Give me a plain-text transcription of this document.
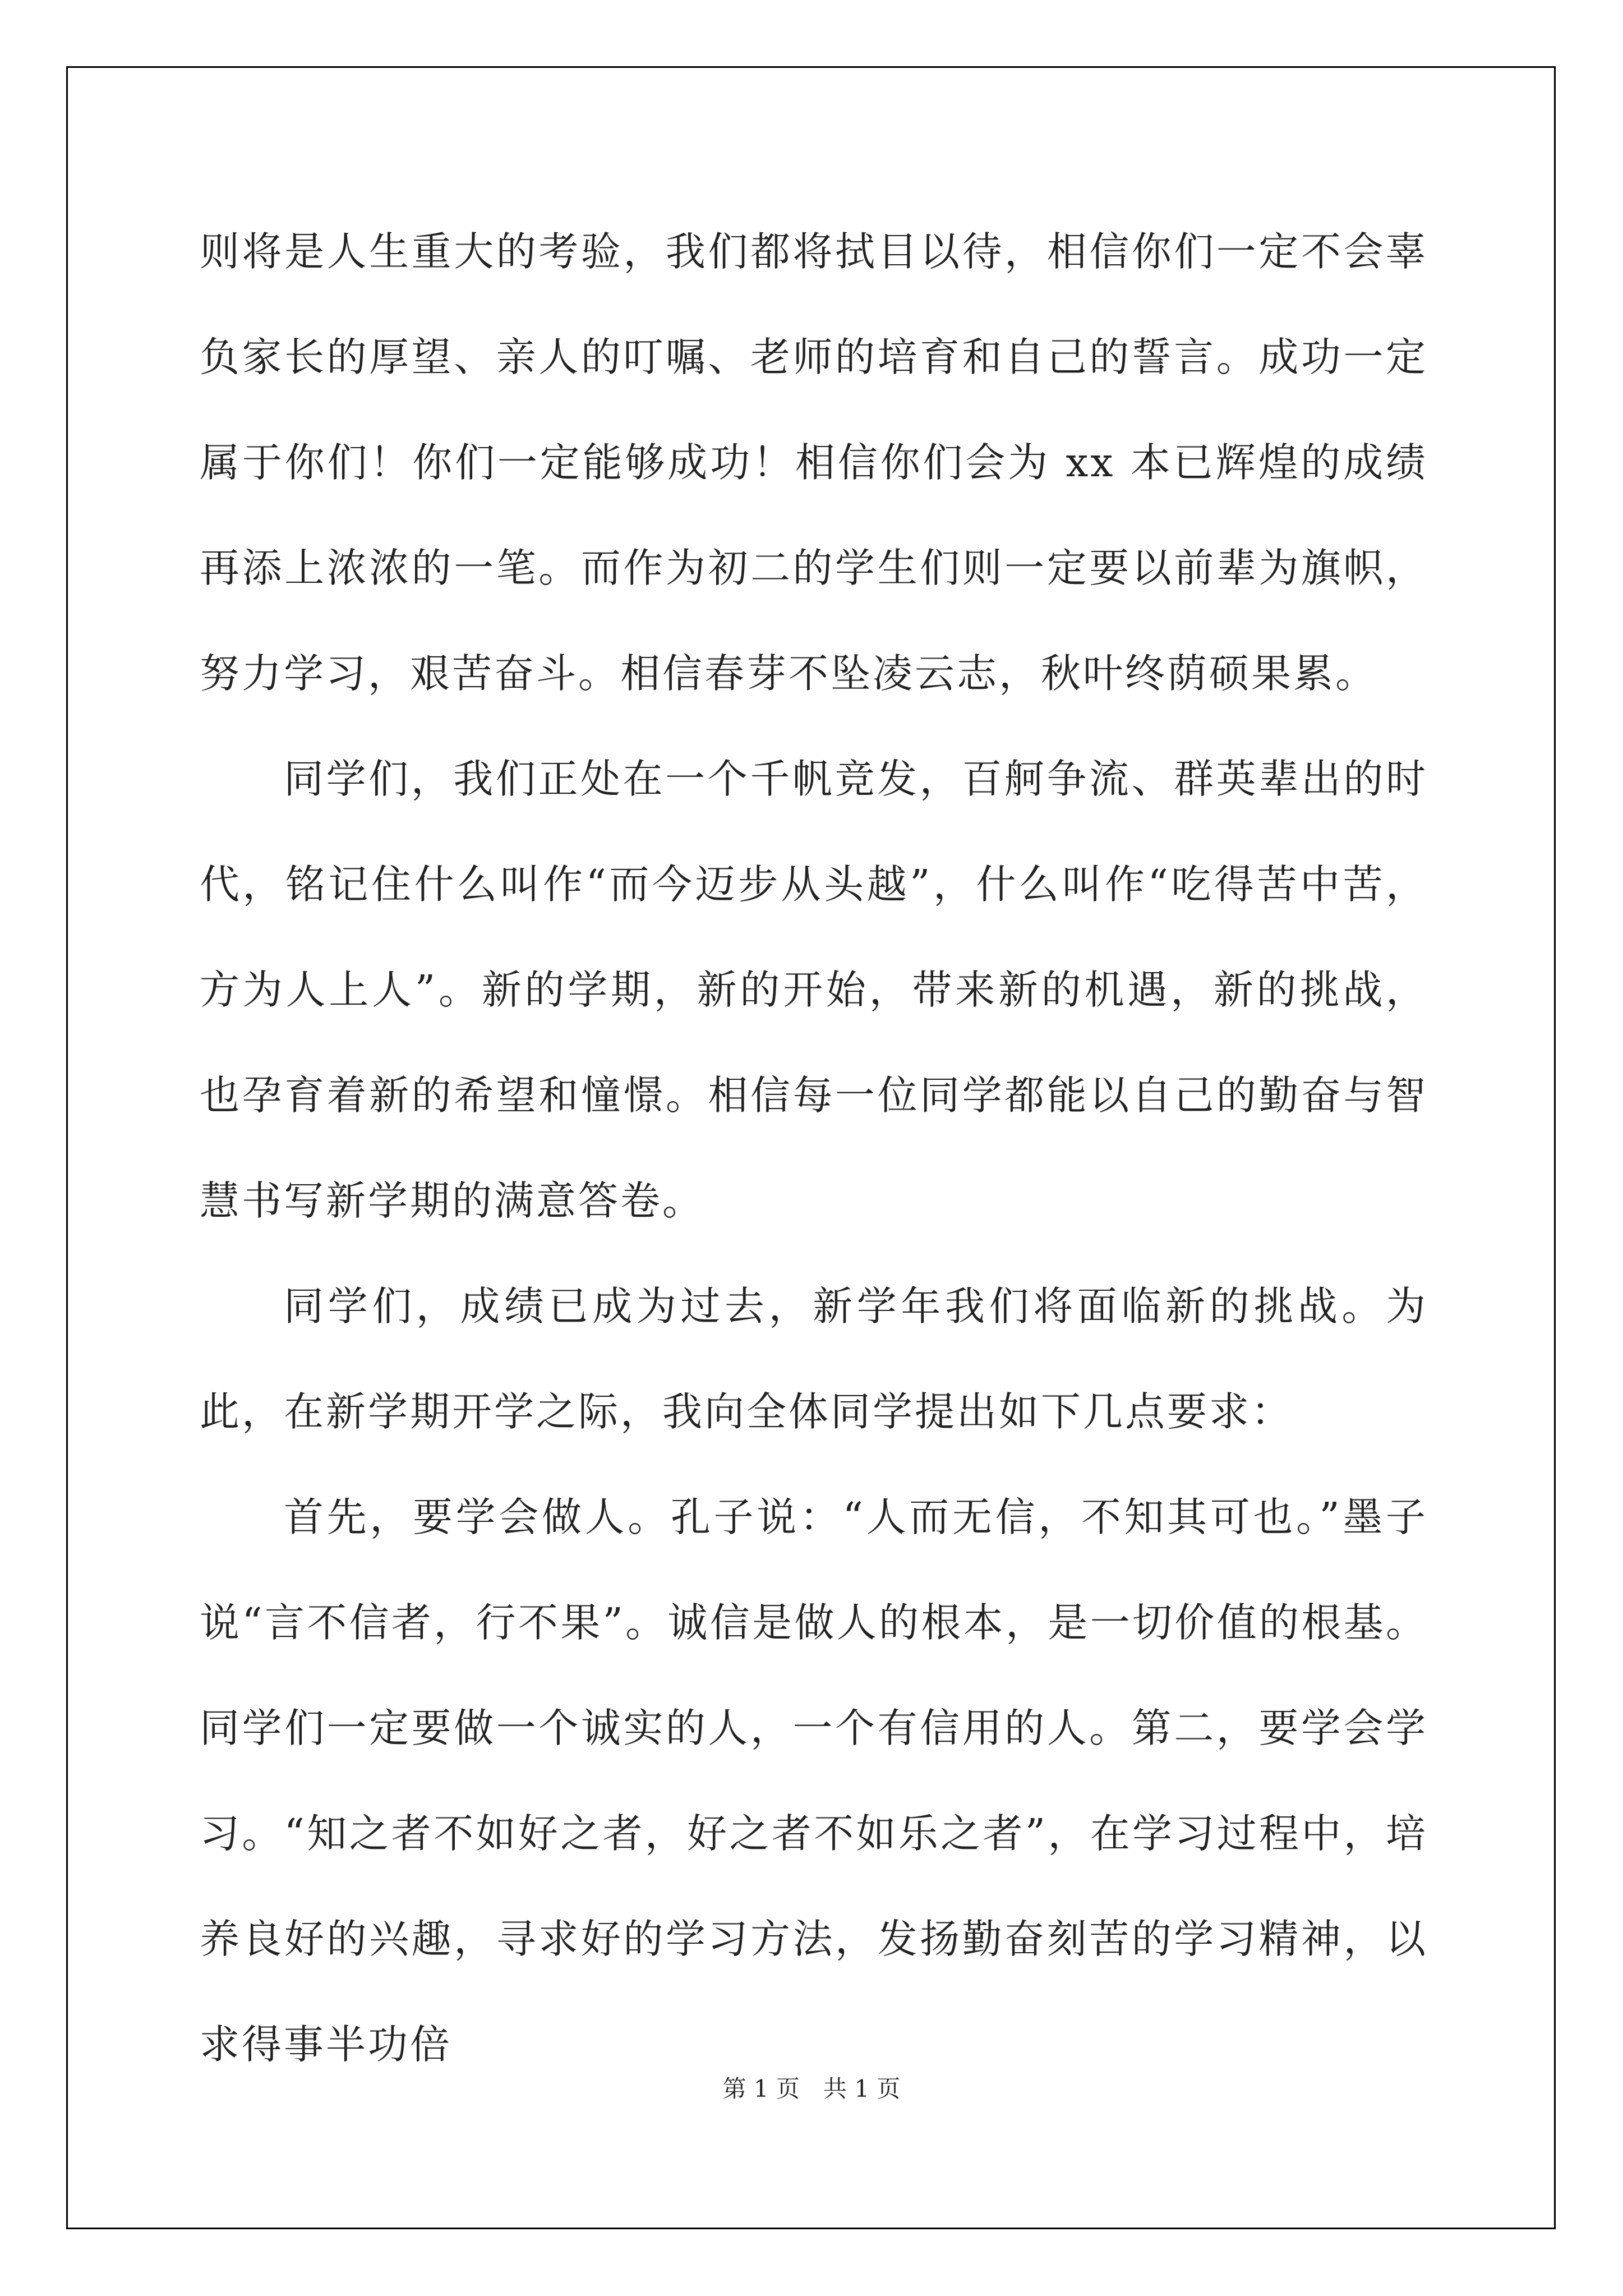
则将是人生重大的考验，我们都将拭目以待，相信你们一定不会辜负家长的厚望、亲人的叮嘱、老师的培育和自己的誓言。成功一定属于你们！你们一定能够成功！相信你们会为 xx 本已辉煌的成绩再添上浓浓的一笔。而作为初二的学生们则一定要以前辈为旗帜，努力学习，艰苦奋斗。相信春芽不坠凌云志，秋叶终荫硕果累。

同学们，我们正处在一个千帆竞发，百舸争流、群英辈出的时代，铭记住什么叫作“而今迈步从头越”，什么叫作“吃得苦中苦，方为人上人”。新的学期，新的开始，带来新的机遇，新的挑战，也孕育着新的希望和憧憬。相信每一位同学都能以自己的勤奋与智慧书写新学期的满意答卷。

同学们，成绩已成为过去，新学年我们将面临新的挑战。为此，在新学期开学之际，我向全体同学提出如下几点要求：

首先，要学会做人。孔子说：“人而无信，不知其可也。”墨子说“言不信者，行不果”。诚信是做人的根本，是一切价值的根基。同学们一定要做一个诚实的人，一个有信用的人。第二，要学会学习。“知之者不如好之者，好之者不如乐之者”，在学习过程中，培养良好的兴趣，寻求好的学习方法，发扬勤奋刻苦的学习精神，以求得事半功倍

第 1 页　共 1 页
